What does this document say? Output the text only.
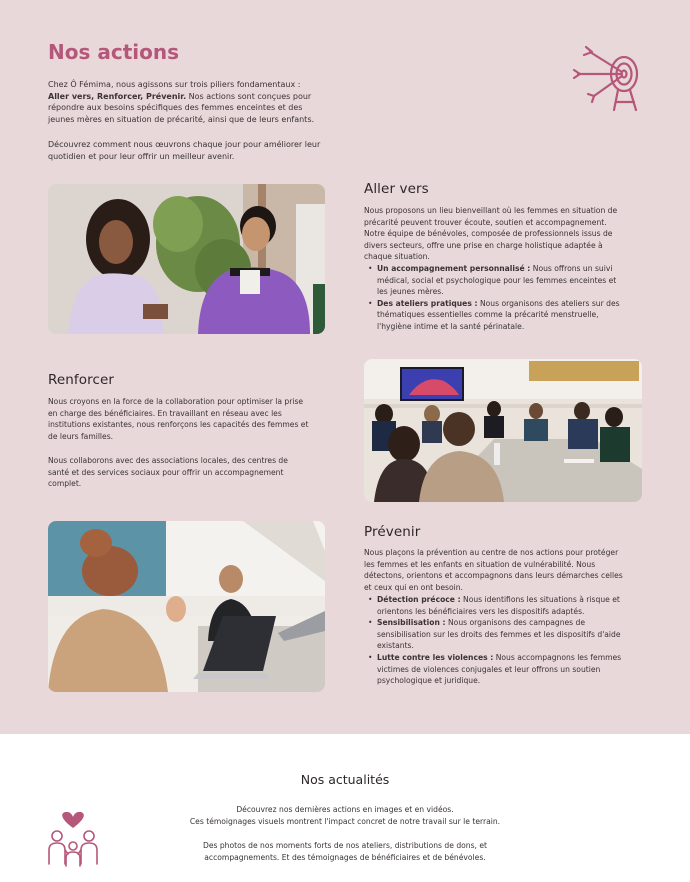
Nos actions
Chez Ô Fémima, nous agissons sur trois piliers fondamentaux :
Aller vers, Renforcer, Prévenir. Nos actions sont conçues pour
répondre aux besoins spécifiques des femmes enceintes et des
jeunes mères en situation de précarité, ainsi que de leurs enfants.
Découvrez comment nous œuvrons chaque jour pour améliorer leur
quotidien et pour leur offrir un meilleur avenir.
Aller vers
Nous proposons un lieu bienveillant où les femmes en situation de
précarité peuvent trouver écoute, soutien et accompagnement.
Notre équipe de bénévoles, composée de professionnels issus de
divers secteurs, offre une prise en charge holistique adaptée à
chaque situation.
• Un accompagnement personnalisé : Nous offrons un suivi
médical, social et psychologique pour les femmes enceintes et
les jeunes mères.
• Des ateliers pratiques : Nous organisons des ateliers sur des
thématiques essentielles comme la précarité menstruelle,
l'hygiène intime et la santé périnatale.
Renforcer
Nous croyons en la force de la collaboration pour optimiser la prise
en charge des bénéficiaires. En travaillant en réseau avec les
institutions existantes, nous renforçons les capacités des femmes et
de leurs familles.
Nous collaborons avec des associations locales, des centres de
santé et des services sociaux pour offrir un accompagnement
complet.
Prévenir
Nous plaçons la prévention au centre de nos actions pour protéger
les femmes et les enfants en situation de vulnérabilité. Nous
détectons, orientons et accompagnons dans leurs démarches celles
et ceux qui en ont besoin.
• Détection précoce : Nous identifions les situations à risque et
orientons les bénéficiaires vers les dispositifs adaptés.
• Sensibilisation : Nous organisons des campagnes de
sensibilisation sur les droits des femmes et les dispositifs d'aide
existants.
• Lutte contre les violences : Nous accompagnons les femmes
victimes de violences conjugales et leur offrons un soutien
psychologique et juridique.
Nos actualités
Découvrez nos dernières actions en images et en vidéos.
Ces témoignages visuels montrent l'impact concret de notre travail sur le terrain.
Des photos de nos moments forts de nos ateliers, distributions de dons, et
accompagnements. Et des témoignages de bénéficiaires et de bénévoles.
